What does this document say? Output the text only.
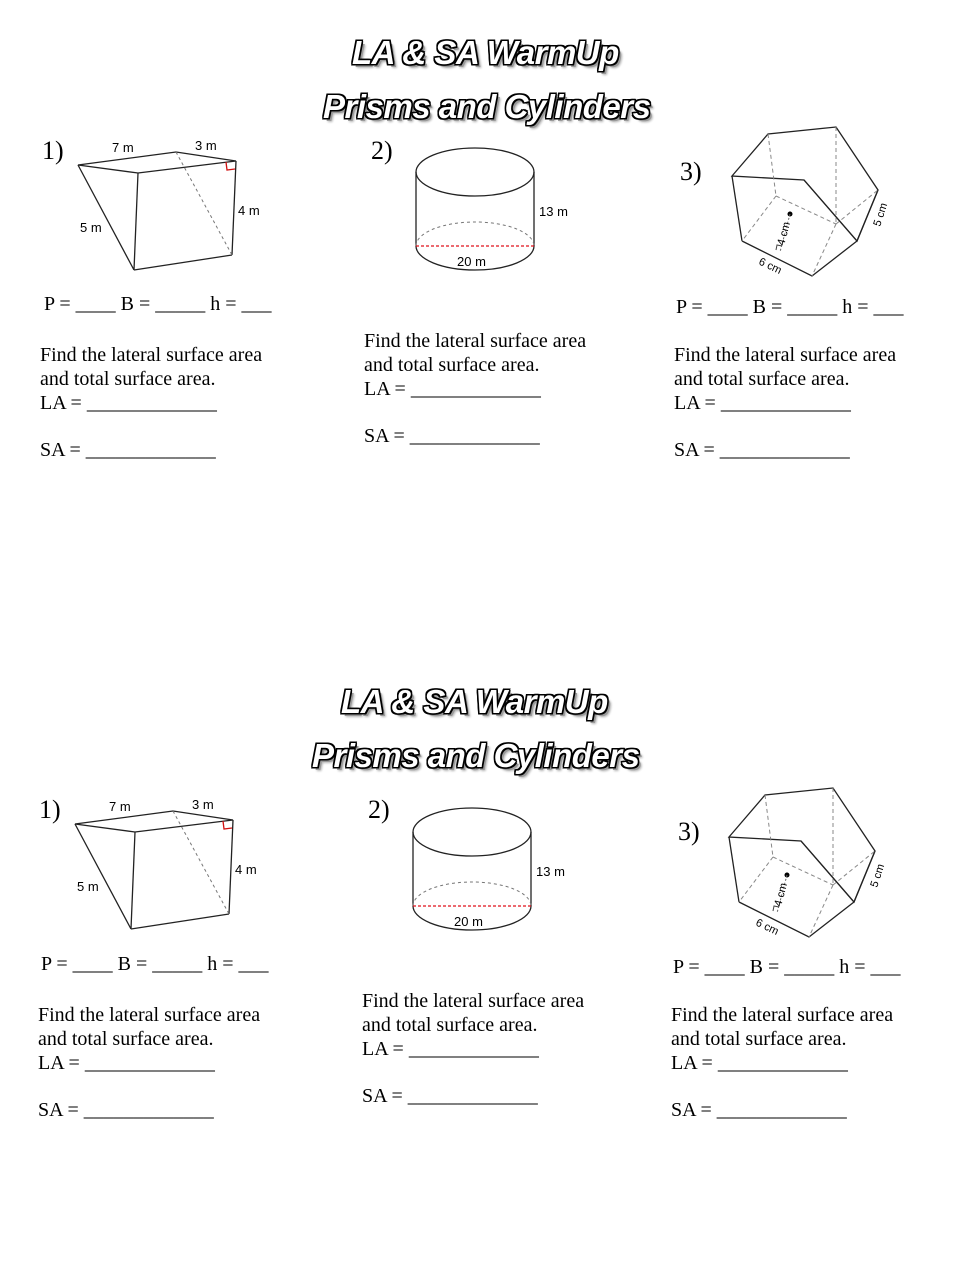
LA & SA WarmUp
Prisms and Cylinders
1)	7 m	3 m
5 m
4 m
P = ____ B = _____ h = ___
Find the lateral surface area
and total surface area.
LA = _____________
SA = _____________
2)
13 m
20 m
Find the lateral surface area
and total surface area.
LA = _____________
SA = _____________
3)
4 cm
6 cm
5 cm
P = ____ B = _____ h = ___
Find the lateral surface area
and total surface area.
LA = _____________
SA = _____________
LA & SA WarmUp
Prisms and Cylinders
1)	7 m	3 m
5 m
4 m
P = ____ B = _____ h = ___
Find the lateral surface area
and total surface area.
LA = _____________
SA = _____________
2)
13 m
20 m
Find the lateral surface area
and total surface area.
LA = _____________
SA = _____________
3)
4 cm
6 cm
5 cm
P = ____ B = _____ h = ___
Find the lateral surface area
and total surface area.
LA = _____________
SA = _____________
